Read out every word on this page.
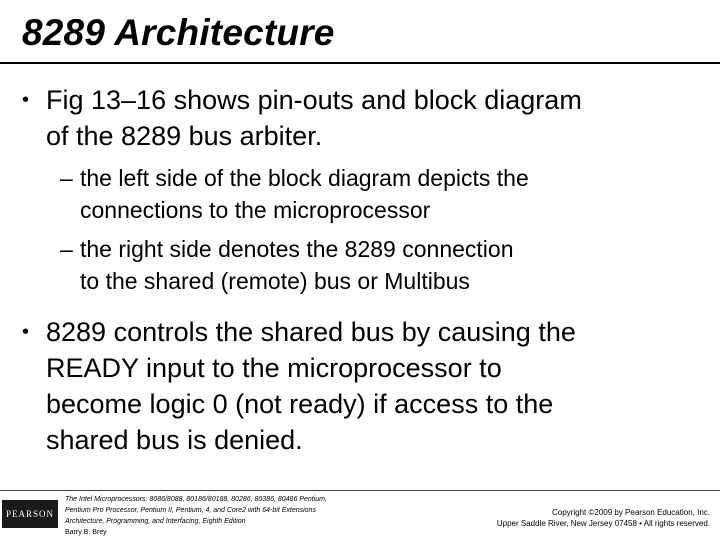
8289 Architecture
• Fig 13–16 shows pin-outs and block diagram
of the 8289 bus arbiter.
– the left side of the block diagram depicts the
connections to the microprocessor
– the right side denotes the 8289 connection
to the shared (remote) bus or Multibus
• 8289 controls the shared bus by causing the
READY input to the microprocessor to
become logic 0 (not ready) if access to the
shared bus is denied.
PEARSON
The Intel Microprocessors: 8086/8088, 80186/80188, 80286, 80386, 80486 Pentium,
Pentium Pro Processor, Pentium II, Pentium, 4, and Core2 with 64-bit Extensions
Architecture, Programming, and Interfacing, Eighth Edition
Barry B. Brey
Copyright ©2009 by Pearson Education, Inc.
Upper Saddle River, New Jersey 07458 • All rights reserved.
